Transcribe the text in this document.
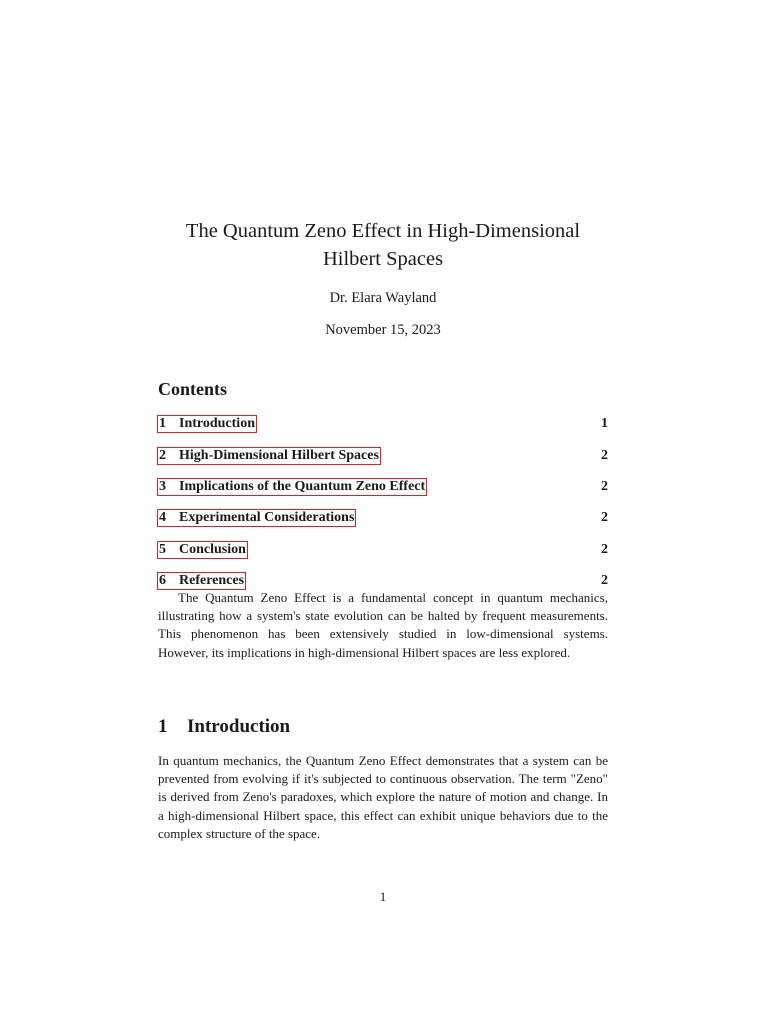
The Quantum Zeno Effect in High-Dimensional Hilbert Spaces
Dr. Elara Wayland
November 15, 2023
Contents
1 Introduction	1
2 High-Dimensional Hilbert Spaces	2
3 Implications of the Quantum Zeno Effect	2
4 Experimental Considerations	2
5 Conclusion	2
6 References	2
The Quantum Zeno Effect is a fundamental concept in quantum mechanics, illustrating how a system's state evolution can be halted by frequent measurements. This phenomenon has been extensively studied in low-dimensional systems. However, its implications in high-dimensional Hilbert spaces are less explored.
1 Introduction
In quantum mechanics, the Quantum Zeno Effect demonstrates that a system can be prevented from evolving if it's subjected to continuous observation. The term "Zeno" is derived from Zeno's paradoxes, which explore the nature of motion and change. In a high-dimensional Hilbert space, this effect can exhibit unique behaviors due to the complex structure of the space.
1
